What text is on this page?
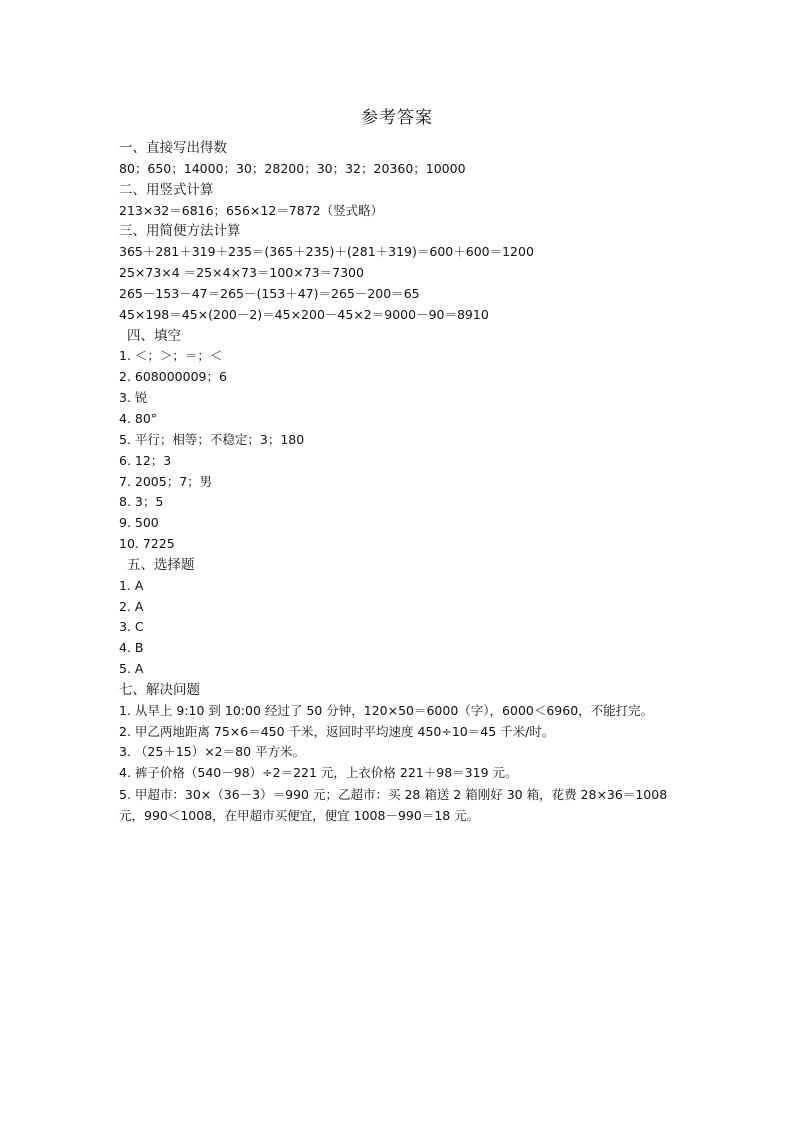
参考答案
一、直接写出得数
80；650；14000；30；28200；30；32；20360；10000
二、用竖式计算
213×32＝6816；656×12＝7872（竖式略）
三、用简便方法计算
365＋281＋319＋235＝(365＋235)＋(281＋319)＝600＋600＝1200
25×73×4 ＝25×4×73＝100×73＝7300
265－153－47＝265－(153＋47)＝265－200＝65
45×198＝45×(200－2)＝45×200－45×2＝9000－90＝8910
四、填空
1. ＜；＞；＝；＜
2. 608000009；6
3. 锐
4. 80°
5. 平行；相等；不稳定；3；180
6. 12；3
7. 2005；7；男
8. 3；5
9. 500
10. 7225
五、选择题
1. A
2. A
3. C
4. B
5. A
七、解决问题
1. 从早上 9:10 到 10:00 经过了 50 分钟，120×50＝6000（字），6000＜6960，不能打完。
2. 甲乙两地距离 75×6＝450 千米，返回时平均速度 450÷10＝45 千米/时。
3. （25＋15）×2＝80 平方米。
4. 裤子价格（540－98）÷2＝221 元，上衣价格 221＋98＝319 元。
5. 甲超市：30×（36－3）＝990 元；乙超市：买 28 箱送 2 箱刚好 30 箱，花费 28×36＝1008 元，990＜1008，在甲超市买便宜，便宜 1008－990＝18 元。
